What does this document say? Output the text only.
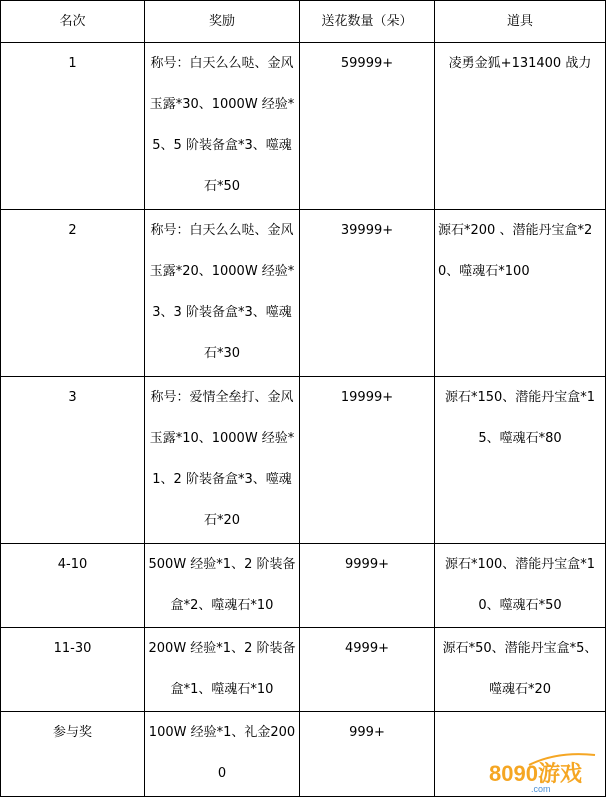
名次	奖励	送花数量（朵）	道具
1	称号：白天么么哒、金风玉露*30、1000W 经验*5、5 阶装备盒*3、噬魂石*50	59999+	凌勇金狐+131400 战力
2	称号：白天么么哒、金风玉露*20、1000W 经验*3、3 阶装备盒*3、噬魂石*30	39999+	源石*200 、潜能丹宝盒*20、噬魂石*100
3	称号：爱情全垒打、金风玉露*10、1000W 经验*1、2 阶装备盒*3、噬魂石*20	19999+	源石*150、潜能丹宝盒*15、噬魂石*80
4-10	500W 经验*1、2 阶装备盒*2、噬魂石*10	9999+	源石*100、潜能丹宝盒*10、噬魂石*50
11-30	200W 经验*1、2 阶装备盒*1、噬魂石*10	4999+	源石*50、潜能丹宝盒*5、噬魂石*20
参与奖	100W 经验*1、礼金2000	999+	
8090游戏
.com
